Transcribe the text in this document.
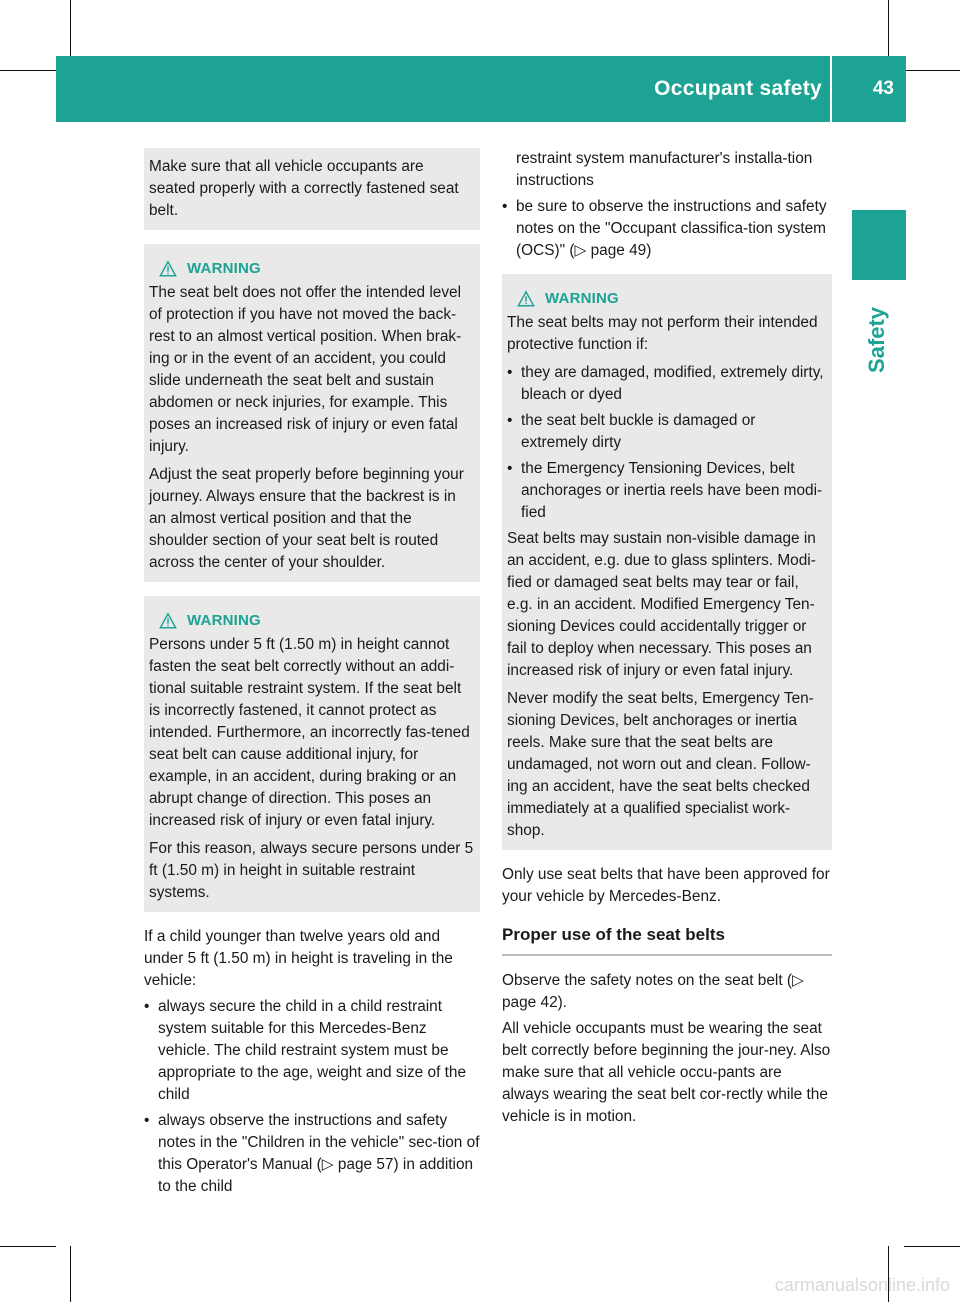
Occupant safety	43
Safety

Make sure that all vehicle occupants are seated properly with a correctly fastened seat belt.

WARNING

The seat belt does not offer the intended level of protection if you have not moved the back-rest to an almost vertical position. When brak-ing or in the event of an accident, you could slide underneath the seat belt and sustain abdomen or neck injuries, for example. This poses an increased risk of injury or even fatal injury.

Adjust the seat properly before beginning your journey. Always ensure that the backrest is in an almost vertical position and that the shoulder section of your seat belt is routed across the center of your shoulder.

WARNING

Persons under 5 ft (1.50 m) in height cannot fasten the seat belt correctly without an addi-tional suitable restraint system. If the seat belt is incorrectly fastened, it cannot protect as intended. Furthermore, an incorrectly fas-tened seat belt can cause additional injury, for example, in an accident, during braking or an abrupt change of direction. This poses an increased risk of injury or even fatal injury.

For this reason, always secure persons under 5 ft (1.50 m) in height in suitable restraint systems.

If a child younger than twelve years old and under 5 ft (1.50 m) in height is traveling in the vehicle:

• always secure the child in a child restraint system suitable for this Mercedes-Benz vehicle. The child restraint system must be appropriate to the age, weight and size of the child
• always observe the instructions and safety notes in the "Children in the vehicle" sec-tion of this Operator's Manual (▷ page 57) in addition to the child
restraint system manufacturer's installa-tion instructions
• be sure to observe the instructions and safety notes on the "Occupant classifica-tion system (OCS)" (▷ page 49)
WARNING

The seat belts may not perform their intended protective function if:

• they are damaged, modified, extremely dirty, bleach or dyed
• the seat belt buckle is damaged or extremely dirty
• the Emergency Tensioning Devices, belt anchorages or inertia reels have been modi-fied

Seat belts may sustain non-visible damage in an accident, e.g. due to glass splinters. Modi-fied or damaged seat belts may tear or fail, e.g. in an accident. Modified Emergency Ten-sioning Devices could accidentally trigger or fail to deploy when necessary. This poses an increased risk of injury or even fatal injury.

Never modify the seat belts, Emergency Ten-sioning Devices, belt anchorages or inertia reels. Make sure that the seat belts are undamaged, not worn out and clean. Follow-ing an accident, have the seat belts checked immediately at a qualified specialist work-shop.

Only use seat belts that have been approved for your vehicle by Mercedes-Benz.

Proper use of the seat belts

Observe the safety notes on the seat belt (▷ page 42).

All vehicle occupants must be wearing the seat belt correctly before beginning the jour-ney. Also make sure that all vehicle occu-pants are always wearing the seat belt cor-rectly while the vehicle is in motion.

carmanualsonline.info
